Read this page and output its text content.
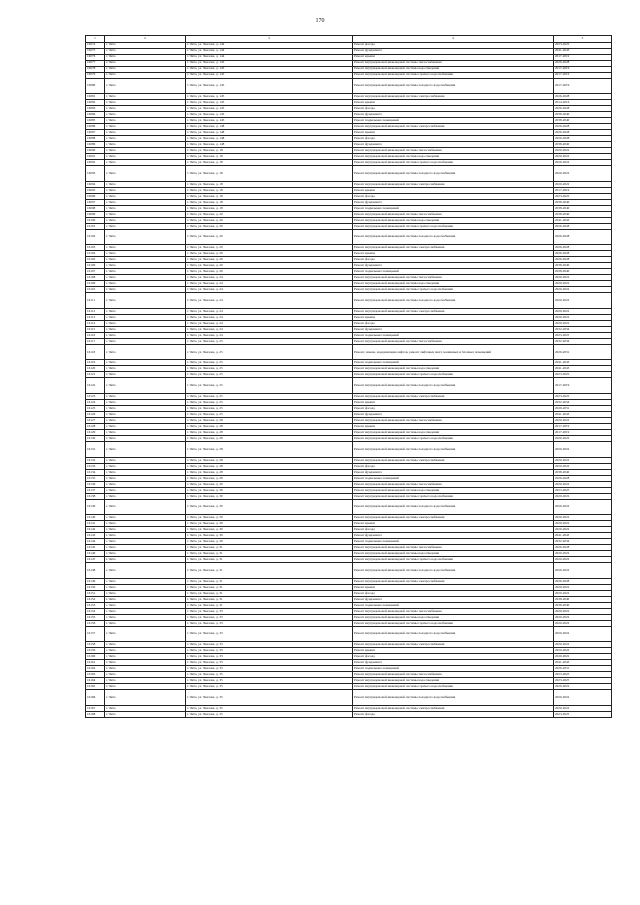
170
1	2	3	4	5
16074	г. Чита	г. Чита, ул. Чкалова, д. 144	Ремонт фасада	2023-2025
16075	г. Чита	г. Чита, ул. Чкалова, д. 144	Ремонт фундамента	2041-2043
16076	г. Чита	г. Чита, ул. Чкалова, д. 144	Ремонт крыши	2017-2019
16077	г. Чита	г. Чита, ул. Чкалова, д. 145	Ремонт внутридомовой инженерной системы теплоснабжения	2026-2028
16078	г. Чита	г. Чита, ул. Чкалова, д. 145	Ремонт внутридомовой инженерной системы водоотведения	2017-2019
16079	г. Чита	г. Чита, ул. Чкалова, д. 145	Ремонт внутридомовой инженерной системы горячего водоснабжения	2017-2019
16080	г. Чита	г. Чита, ул. Чкалова, д. 145	Ремонт внутридомовой инженерной системы холодного водоснабжения	2017-2019
16081	г. Чита	г. Чита, ул. Чкалова, д. 145	Ремонт внутридомовой инженерной системы электроснабжения	2026-2028
16082	г. Чита	г. Чита, ул. Чкалова, д. 145	Ремонт крыши	2014-2016
16083	г. Чита	г. Чита, ул. Чкалова, д. 145	Ремонт фасада	2026-2028
16084	г. Чита	г. Чита, ул. Чкалова, д. 145	Ремонт фундамента	2038-2040
16085	г. Чита	г. Чита, ул. Чкалова, д. 145	Ремонт подвальных помещений	2038-2040
16086	г. Чита	г. Чита, ул. Чкалова, д. 148	Ремонт внутридомовой инженерной системы электроснабжения	2026-2028
16087	г. Чита	г. Чита, ул. Чкалова, д. 148	Ремонт крыши	2026-2028
16088	г. Чита	г. Чита, ул. Чкалова, д. 148	Ремонт фасада	2026-2028
16089	г. Чита	г. Чита, ул. Чкалова, д. 148	Ремонт фундамента	2038-2040
16090	г. Чита	г. Чита, ул. Чкалова, д. 18	Ремонт внутридомовой инженерной системы теплоснабжения	2020-2022
16091	г. Чита	г. Чита, ул. Чкалова, д. 18	Ремонт внутридомовой инженерной системы водоотведения	2020-2022
16092	г. Чита	г. Чита, ул. Чкалова, д. 18	Ремонт внутридомовой инженерной системы горячего водоснабжения	2020-2022
16093	г. Чита	г. Чита, ул. Чкалова, д. 18	Ремонт внутридомовой инженерной системы холодного водоснабжения	2020-2022
16094	г. Чита	г. Чита, ул. Чкалова, д. 18	Ремонт внутридомовой инженерной системы электроснабжения	2020-2022
16095	г. Чита	г. Чита, ул. Чкалова, д. 18	Ремонт крыши	2017-2019
16096	г. Чита	г. Чита, ул. Чкалова, д. 18	Ремонт фасада	2023-2025
16097	г. Чита	г. Чита, ул. Чкалова, д. 18	Ремонт фундамента	2038-2040
16098	г. Чита	г. Чита, ул. Чкалова, д. 18	Ремонт подвальных помещений	2038-2040
16099	г. Чита	г. Чита, ул. Чкалова, д. 20	Ремонт внутридомовой инженерной системы теплоснабжения	2038-2040
16100	г. Чита	г. Чита, ул. Чкалова, д. 20	Ремонт внутридомовой инженерной системы водоотведения	2041-2043
16101	г. Чита	г. Чита, ул. Чкалова, д. 20	Ремонт внутридомовой инженерной системы горячего водоснабжения	2026-2028
16102	г. Чита	г. Чита, ул. Чкалова, д. 20	Ремонт внутридомовой инженерной системы холодного водоснабжения	2026-2028
16103	г. Чита	г. Чита, ул. Чкалова, д. 20	Ремонт внутридомовой инженерной системы электроснабжения	2026-2028
16104	г. Чита	г. Чита, ул. Чкалова, д. 20	Ремонт крыши	2026-2028
16105	г. Чита	г. Чита, ул. Чкалова, д. 20	Ремонт фасада	2026-2028
16106	г. Чита	г. Чита, ул. Чкалова, д. 20	Ремонт фундамента	2038-2040
16107	г. Чита	г. Чита, ул. Чкалова, д. 20	Ремонт подвальных помещений	2038-2040
16108	г. Чита	г. Чита, ул. Чкалова, д. 24	Ремонт внутридомовой инженерной системы теплоснабжения	2020-2022
16109	г. Чита	г. Чита, ул. Чкалова, д. 24	Ремонт внутридомовой инженерной системы водоотведения	2020-2022
16110	г. Чита	г. Чита, ул. Чкалова, д. 24	Ремонт внутридомовой инженерной системы горячего водоснабжения	2020-2022
16111	г. Чита	г. Чита, ул. Чкалова, д. 24	Ремонт внутридомовой инженерной системы холодного водоснабжения	2020-2022
16112	г. Чита	г. Чита, ул. Чкалова, д. 24	Ремонт внутридомовой инженерной системы электроснабжения	2020-2022
16113	г. Чита	г. Чита, ул. Чкалова, д. 24	Ремонт крыши	2020-2022
16114	г. Чита	г. Чита, ул. Чкалова, д. 24	Ремонт фасада	2020-2022
16115	г. Чита	г. Чита, ул. Чкалова, д. 24	Ремонт фундамента	2032-2034
16116	г. Чита	г. Чита, ул. Чкалова, д. 24	Ремонт подвальных помещений	2023-2025
16117	г. Чита	г. Чита, ул. Чкалова, д. 25	Ремонт внутридомовой инженерной системы теплоснабжения	2032-2034
16118	г. Чита	г. Чита, ул. Чкалова, д. 25	Ремонт, замена, модернизация лифтов, ремонт лифтовых шахт, машинных и блочных помещений	2029-2031
16119	г. Чита	г. Чита, ул. Чкалова, д. 25	Ремонт подвальных помещений	2041-2043
16120	г. Чита	г. Чита, ул. Чкалова, д. 25	Ремонт внутридомовой инженерной системы водоотведения	2041-2043
16121	г. Чита	г. Чита, ул. Чкалова, д. 25	Ремонт внутридомовой инженерной системы горячего водоснабжения	2023-2025
16122	г. Чита	г. Чита, ул. Чкалова, д. 25	Ремонт внутридомовой инженерной системы холодного водоснабжения	2017-2019
16123	г. Чита	г. Чита, ул. Чкалова, д. 25	Ремонт внутридомовой инженерной системы электроснабжения	2023-2025
16124	г. Чита	г. Чита, ул. Чкалова, д. 25	Ремонт крыши	2032-2034
16125	г. Чита	г. Чита, ул. Чкалова, д. 25	Ремонт фасада	2029-2031
16126	г. Чита	г. Чита, ул. Чкалова, д. 25	Ремонт фундамента	2041-2043
16127	г. Чита	г. Чита, ул. Чкалова, д. 28	Ремонт внутридомовой инженерной системы теплоснабжения	2020-2022
16128	г. Чита	г. Чита, ул. Чкалова, д. 28	Ремонт крыши	2017-2019
16129	г. Чита	г. Чита, ул. Чкалова, д. 28	Ремонт внутридомовой инженерной системы водоотведения	2017-2019
16130	г. Чита	г. Чита, ул. Чкалова, д. 28	Ремонт внутридомовой инженерной системы горячего водоснабжения	2020-2022
16131	г. Чита	г. Чита, ул. Чкалова, д. 28	Ремонт внутридомовой инженерной системы холодного водоснабжения	2020-2022
16132	г. Чита	г. Чита, ул. Чкалова, д. 28	Ремонт внутридомовой инженерной системы электроснабжения	2020-2022
16133	г. Чита	г. Чита, ул. Чкалова, д. 28	Ремонт фасада	2020-2022
16134	г. Чита	г. Чита, ул. Чкалова, д. 28	Ремонт фундамента	2038-2040
16135	г. Чита	г. Чита, ул. Чкалова, д. 28	Ремонт подвальных помещений	2026-2028
16136	г. Чита	г. Чита, ул. Чкалова, д. 30	Ремонт внутридомовой инженерной системы теплоснабжения	2020-2022
16137	г. Чита	г. Чита, ул. Чкалова, д. 30	Ремонт внутридомовой инженерной системы водоотведения	2023-2025
16138	г. Чита	г. Чита, ул. Чкалова, д. 30	Ремонт внутридомовой инженерной системы горячего водоснабжения	2020-2022
16139	г. Чита	г. Чита, ул. Чкалова, д. 30	Ремонт внутридомовой инженерной системы холодного водоснабжения	2020-2022
16140	г. Чита	г. Чита, ул. Чкалова, д. 30	Ремонт внутридомовой инженерной системы электроснабжения	2020-2022
16141	г. Чита	г. Чита, ул. Чкалова, д. 30	Ремонт крыши	2020-2022
16142	г. Чита	г. Чита, ул. Чкалова, д. 30	Ремонт фасада	2020-2022
16143	г. Чита	г. Чита, ул. Чкалова, д. 30	Ремонт фундамента	2041-2043
16144	г. Чита	г. Чита, ул. Чкалова, д. 30	Ремонт подвальных помещений	2032-2034
16145	г. Чита	г. Чита, ул. Чкалова, д. 31	Ремонт внутридомовой инженерной системы теплоснабжения	2026-2028
16146	г. Чита	г. Чита, ул. Чкалова, д. 31	Ремонт внутридомовой инженерной системы водоотведения	2020-2022
16147	г. Чита	г. Чита, ул. Чкалова, д. 31	Ремонт внутридомовой инженерной системы горячего водоснабжения	2020-2022
16148	г. Чита	г. Чита, ул. Чкалова, д. 31	Ремонт внутридомовой инженерной системы холодного водоснабжения	2020-2022
16149	г. Чита	г. Чита, ул. Чкалова, д. 31	Ремонт внутридомовой инженерной системы электроснабжения	2026-2028
16150	г. Чита	г. Чита, ул. Чкалова, д. 31	Ремонт крыши	2020-2022
16151	г. Чита	г. Чита, ул. Чкалова, д. 31	Ремонт фасада	2020-2022
16152	г. Чита	г. Чита, ул. Чкалова, д. 31	Ремонт фундамента	2038-2040
16153	г. Чита	г. Чита, ул. Чкалова, д. 31	Ремонт подвальных помещений	2038-2040
16154	г. Чита	г. Чита, ул. Чкалова, д. 33	Ремонт внутридомовой инженерной системы теплоснабжения	2020-2022
16155	г. Чита	г. Чита, ул. Чкалова, д. 33	Ремонт внутридомовой инженерной системы водоотведения	2020-2022
16156	г. Чита	г. Чита, ул. Чкалова, д. 33	Ремонт внутридомовой инженерной системы горячего водоснабжения	2020-2022
16157	г. Чита	г. Чита, ул. Чкалова, д. 33	Ремонт внутридомовой инженерной системы холодного водоснабжения	2020-2022
16158	г. Чита	г. Чита, ул. Чкалова, д. 33	Ремонт внутридомовой инженерной системы электроснабжения	2020-2022
16159	г. Чита	г. Чита, ул. Чкалова, д. 33	Ремонт крыши	2020-2022
16160	г. Чита	г. Чита, ул. Чкалова, д. 33	Ремонт фасада	2020-2022
16161	г. Чита	г. Чита, ул. Чкалова, д. 33	Ремонт фундамента	2041-2043
16162	г. Чита	г. Чита, ул. Чкалова, д. 33	Ремонт подвальных помещений	2029-2031
16163	г. Чита	г. Чита, ул. Чкалова, д. 35	Ремонт внутридомовой инженерной системы теплоснабжения	2023-2025
16164	г. Чита	г. Чита, ул. Чкалова, д. 35	Ремонт внутридомовой инженерной системы водоотведения	2023-2025
16165	г. Чита	г. Чита, ул. Чкалова, д. 35	Ремонт внутридомовой инженерной системы горячего водоснабжения	2020-2022
16166	г. Чита	г. Чита, ул. Чкалова, д. 35	Ремонт внутридомовой инженерной системы холодного водоснабжения	2020-2022
16167	г. Чита	г. Чита, ул. Чкалова, д. 35	Ремонт внутридомовой инженерной системы электроснабжения	2020-2022
16168	г. Чита	г. Чита, ул. Чкалова, д. 35	Ремонт фасада	2023-2025
